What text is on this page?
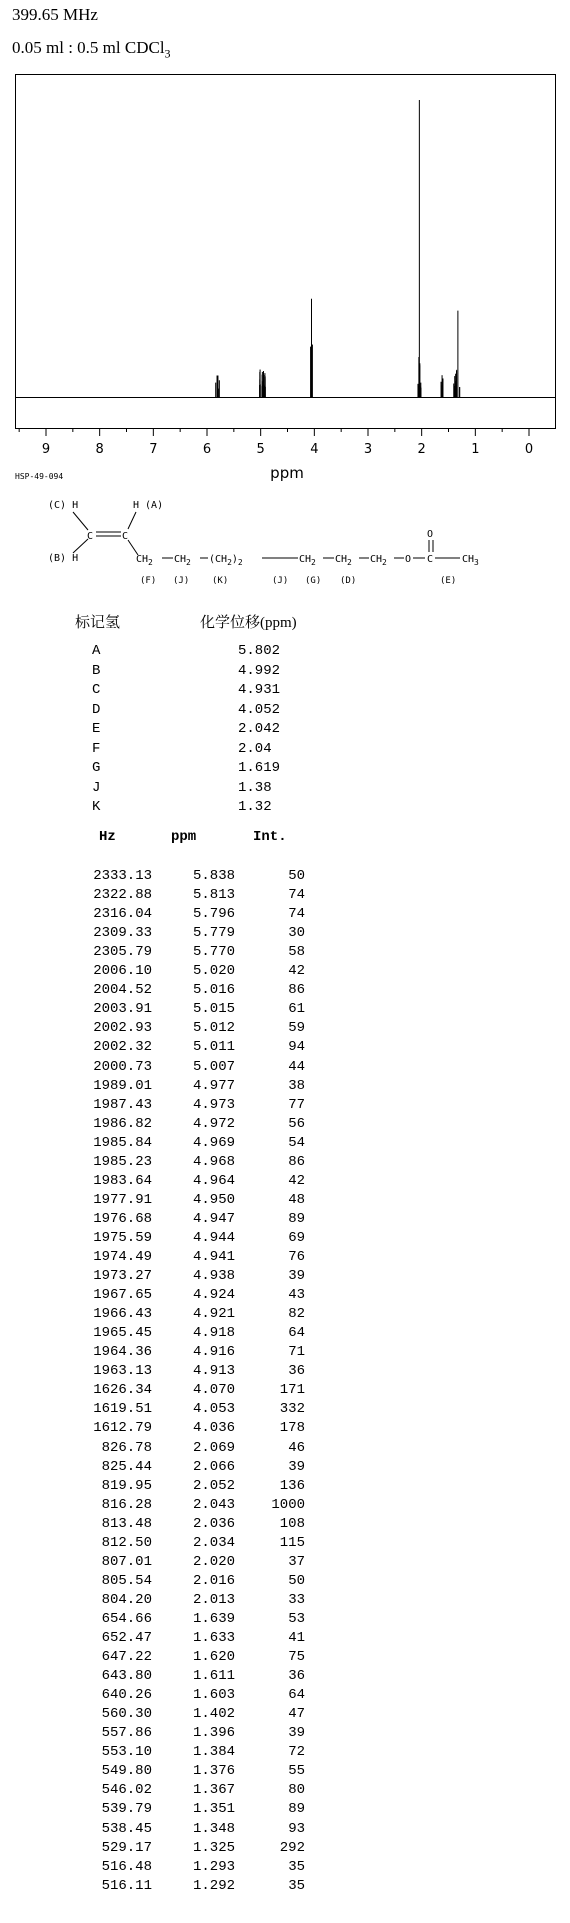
399.65 MHz
0.05 ml : 0.5 ml CDCl$_3$
9	8	7	6	5	4	3	2	1	0
ppm
HSP-49-094
(C) H	H (A)
(B) H
C	C
$CH_2$ $CH_2$ $(CH_2)_2$	$CH_2$ $CH_2$ $CH_2$ O C
O
$CH_3$
(F) (J)	(K)	(J) (G) (D)	(E)
标记氢	化学位移(ppm)
A	5.802
B	4.992
C	4.931
D	4.052
E	2.042
F	2.04
G	1.619
J	1.38
K	1.32
Hz	ppm	Int.
2333.13	5.838	50
2322.88	5.813	74
2316.04	5.796	74
2309.33	5.779	30
2305.79	5.770	58
2006.10	5.020	42
2004.52	5.016	86
2003.91	5.015	61
2002.93	5.012	59
2002.32	5.011	94
2000.73	5.007	44
1989.01	4.977	38
1987.43	4.973	77
1986.82	4.972	56
1985.84	4.969	54
1985.23	4.968	86
1983.64	4.964	42
1977.91	4.950	48
1976.68	4.947	89
1975.59	4.944	69
1974.49	4.941	76
1973.27	4.938	39
1967.65	4.924	43
1966.43	4.921	82
1965.45	4.918	64
1964.36	4.916	71
1963.13	4.913	36
1626.34	4.070	171
1619.51	4.053	332
1612.79	4.036	178
826.78	2.069	46
825.44	2.066	39
819.95	2.052	136
816.28	2.043	1000
813.48	2.036	108
812.50	2.034	115
807.01	2.020	37
805.54	2.016	50
804.20	2.013	33
654.66	1.639	53
652.47	1.633	41
647.22	1.620	75
643.80	1.611	36
640.26	1.603	64
560.30	1.402	47
557.86	1.396	39
553.10	1.384	72
549.80	1.376	55
546.02	1.367	80
539.79	1.351	89
538.45	1.348	93
529.17	1.325	292
516.48	1.293	35
516.11	1.292	35
